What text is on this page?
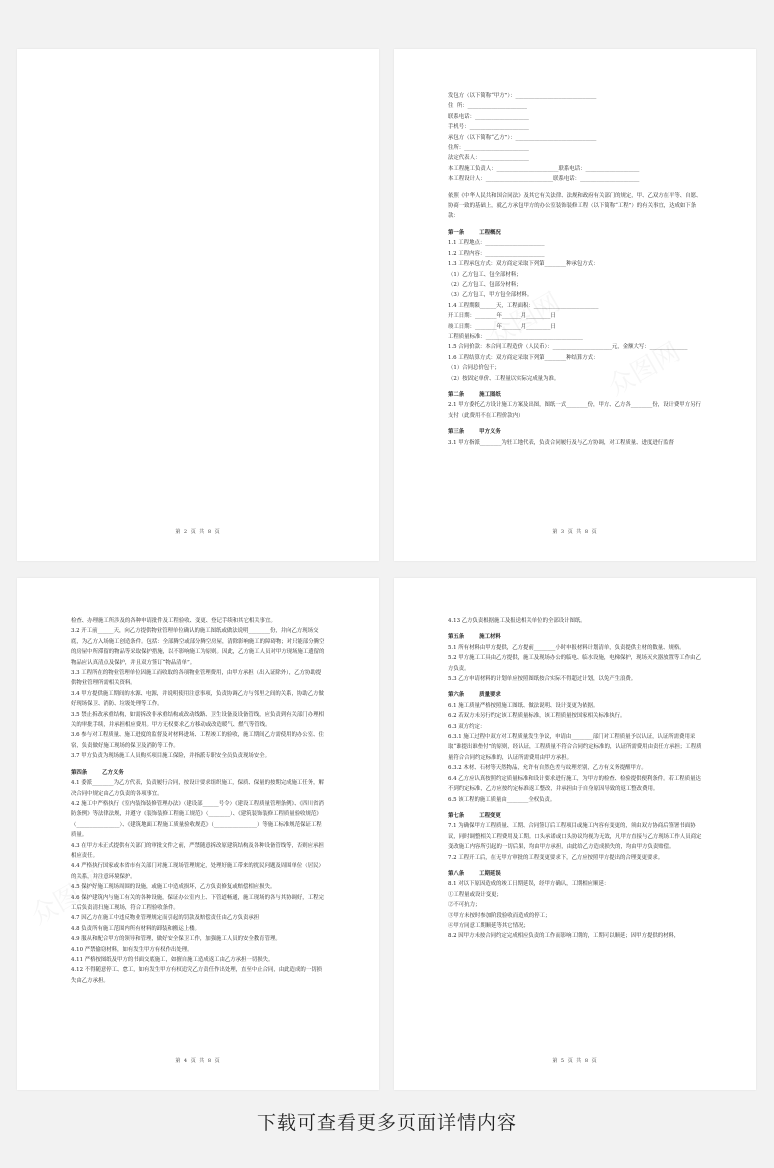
第 2 页 共 8 页
发包方（以下简称“甲方”）：______________________________
住  所：______________________
联系电话：____________________
手机号：______________________
承包方（以下简称“乙方”）：______________________________
住所：________________________
法定代表人：__________________
本工程施工负责人：_______________________联系电话：____________________
本工程设计人：_________________________联系电话：______________________
依照《中华人民共和国合同法》及其它有关法律、法规和政府有关部门的规定，甲、乙双方在平等、自愿、协商一致的基础上，就乙方承包甲方的办公室装饰装修工程（以下简称“工程”）的有关事宜，达成如下条款：
第一条        工程概况
1.1 工程地点：______________________
1.2 工程内容：______________________
1.3 工程承包方式：双方商定采取下列第________种承包方式：
（1）乙方包工、包全部材料；
（2）乙方包工、包部分材料；
（3）乙方包工，甲方包全部材料。
1.4 工程期限______天，工程面积：________________________
开工日期：________年_______月_________日
竣工日期：________年_______月_________日
工程质量标准：____________________________________
1.5 合同价款：本合同工程造价（人民币）：______________________元，金额大写：______________
1.6 工程结算方式：双方商定采取下列第________种结算方式：
（1）合同总价包干；
（2）按固定单价、工程量以实际完成量为准。
第二条        施工图纸
2.1 甲方委托乙方设计施工方案及出图，图纸一式________份，甲方、乙方各________份，设计费甲方另行支付（此费用不在工程价款内）
第三条        甲方义务
3.1 甲方指派________为驻工地代表，负责合同履行及与乙方协调，对工程质量、进度进行监督
第 3 页 共 8 页
检查、办理施工所涉及的各种申请批件及工程验收、变更、登记手续和其它相关事宜。
3.2 开工前______天，向乙方提供物业管理单位确认的施工图纸或做法说明________份，并向乙方现场交底，为乙方入场施工创造条件。包括：全部腾空或部分腾空房屋，清除影响施工的障碍物；对只能部分腾空的房屋中所滞留的物品等采取保护措施，以不影响施工为原则。因此，乙方施工人员对甲方现场施工遗留的物品应认真清点及保护，并且双方签订“物品清单”。
3.3 工程所在的物业管理单位因施工而收取的各项物业管理费用，由甲方承担（出入证除外），乙方协助提供物业管理所需相关资料。
3.4 甲方提供施工期间的水源、电源，并说明使用注意事项，负责协调乙方与邻里之间的关系，协助乙方做好现场保卫、消防、垃圾处理等工作。
3.5 禁止拆改承重结构，如需拆改非承重结构或改动线路、卫生设备及设备管线，应负责到有关部门办理相关的审批手续，并承担相应费用。甲方无权要求乙方移动或改造暖气、燃气等管线。
3.6 参与对工程质量、施工进度的监督及对材料进场、工程竣工的验收，施工期间乙方需使用的办公室、住宿，负责做好施工现场的保卫及消防等工作。
3.7 甲方负责为现场施工人员购买项目施工保险，并指派专职安全员负责现场安全。
第四条        乙方义务
4.1 委派________为乙方代表，负责履行合同，按设计要求组织施工，保质、保量的按期完成施工任务，解决合同中规定由乙方负责的各项事宜。
4.2 施工中严格执行《室内装饰装修管理办法》（建设部______号令）《建设工程质量管理条例》、《四川省消防条例》等法律法规，并遵守《装饰装修工程施工规范》（________）、《建筑装饰装修工程质量验收规范》（________________）、《建筑地面工程施工质量验收规范》（________________）等施工标准规范保证工程质量。
4.3 在甲方未正式提供有关部门的审批文件之前，严禁随意拆改原建筑结构及各种设备管线等，否则应承担相应责任。
4.4 严格执行国家或本省市有关部门对施工现场管理规定，处理好施工带来的扰民问题及周围单位（居民）的关系，并注意环境保护。
4.5 保护好施工现场周围的设施，或施工中造成损坏，乙方负责修复或赔偿相应损失。
4.6 保护建筑内与施工有关的各种设施，保证办公室内上、下管道畅通，施工现场的各与其协调好，工程完工后负责清扫施工现场，符合工程验收条件。
4.7 因乙方在施工中违反物业管理规定而引起的罚款及赔偿责任由乙方负责承担
4.8 负责所有施工范围内所有材料的卸装和搬运上楼。
4.9 服从和配合甲方的领导和管理，做好安全保卫工作，加强施工人员的安全教育管理。
4.10 严禁偷窃材料，如有发生甲方有权作出处理。
4.11 严格按图纸及甲方的书面交底施工，如擅自施工造成返工由乙方承担一切损失。
4.12 不得随意停工、怠工，如有发生甲方有权追究乙方责任作出处理，直至中止合同，由此造成的一切损失由乙方承担。
第 4 页 共 8 页
4.13 乙方负责根据施工及报送相关单位的全部设计图纸。
第五条        施工材料
5.1 所有材料由甲方提供，乙方提前________小时申报材料计划清单，负责提供主材的数量、规格。
5.2 甲方施工工具由乙方提供，施工及现场办公的临电、临水设施，电梯保护，现场灭火器放置等工作由乙方负责。
5.3 乙方申请材料的计划单应按照图纸按合实际不得超过计划，以免产生浪费。
第六条        质量要求
6.1 施工质量严格按照施工图纸、做法说明、设计变更为依据。
6.2 若双方未另行约定该工程质量标准，该工程质量按国家相关标准执行。
6.3 双方约定：
6.3.1 施工过程中双方对工程质量发生争议，申请由________部门对工程质量予以认证，认证所需费用采取“谁提出谁垫付”的原则，经认证，工程质量不符合合同约定标准的，认证所需费用由责任方承担；工程质量符合合同约定标准的，认证所需费用由甲方承担。
6.3.2 木材、石材等天然物品，允许有自然色差与纹理差别，乙方有义务提醒甲方。
6.4 乙方应认真按照约定质量标准和设计要求进行施工，为甲方的检查、检验提供便利条件。若工程质量达不到约定标准，乙方应按约定标准返工整改，并承担由于自身原因导致的返工整改费用。
6.5 该工程的施工质量由________全权负责。
第七条        工程变更
7.1 为确保甲方工程质量、工期、合同签订后工程项目或施工内容有变更的，须由双方协商后签署书面协议，同时调整相关工程费用及工期。口头承诺或口头协议均视为无效，凡甲方直接与乙方现场工作人员商定变改施工内容所引起的一切后果，均由甲方承担，由此给乙方造成损失的，均由甲方负责赔偿。
7.2 工程开工后，在无甲方审批的工程变更要求下，乙方应按照甲方提出的合理变更要求。
第八条        工期延误
8.1 对以下原因造成的竣工日期延误，经甲方确认，工期相应顺延：
①工程量或设计变更；
②不可抗力；
③甲方未按时参加阶段验收而造成的停工；
④甲方同意工期顺延等其它情况；
8.2 因甲方未按合同约定完成相应负责的工作而影响工期的，工期可以顺延；因甲方提供的材料，
第 5 页 共 8 页
下载可查看更多页面详情内容
